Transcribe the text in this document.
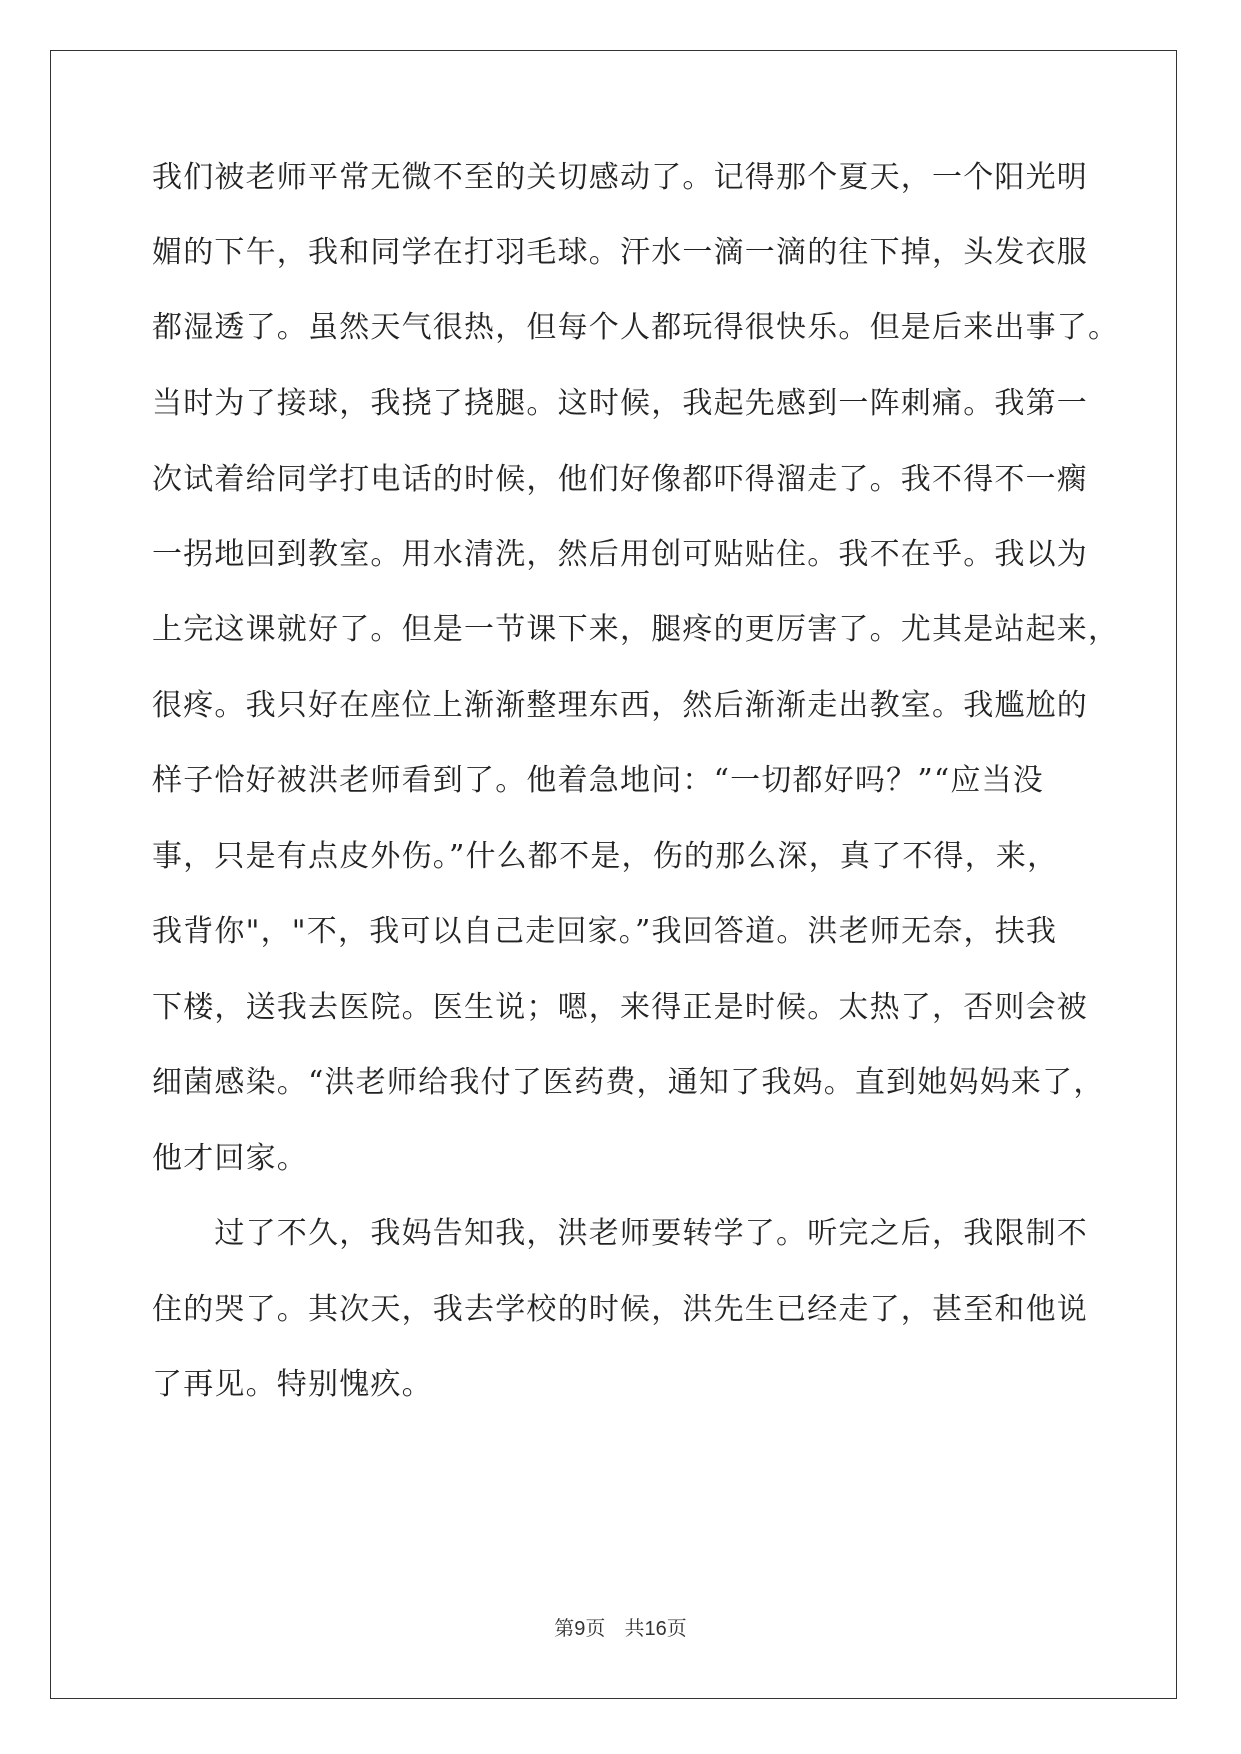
我们被老师平常无微不至的关切感动了。记得那个夏天，一个阳光明
媚的下午，我和同学在打羽毛球。汗水一滴一滴的往下掉，头发衣服
都湿透了。虽然天气很热，但每个人都玩得很快乐。但是后来出事了。
当时为了接球，我挠了挠腿。这时候，我起先感到一阵刺痛。我第一
次试着给同学打电话的时候，他们好像都吓得溜走了。我不得不一瘸
一拐地回到教室。用水清洗，然后用创可贴贴住。我不在乎。我以为
上完这课就好了。但是一节课下来，腿疼的更厉害了。尤其是站起来，
很疼。我只好在座位上渐渐整理东西，然后渐渐走出教室。我尴尬的
样子恰好被洪老师看到了。他着急地问：“一切都好吗？”“应当没
事，只是有点皮外伤。”什么都不是，伤的那么深，真了不得，来，
我背你"，"不，我可以自己走回家。”我回答道。洪老师无奈，扶我
下楼，送我去医院。医生说；嗯，来得正是时候。太热了，否则会被
细菌感染。“洪老师给我付了医药费，通知了我妈。直到她妈妈来了，
他才回家。
　　过了不久，我妈告知我，洪老师要转学了。听完之后，我限制不
住的哭了。其次天，我去学校的时候，洪先生已经走了，甚至和他说
了再见。特别愧疚。
第9页 共16页
